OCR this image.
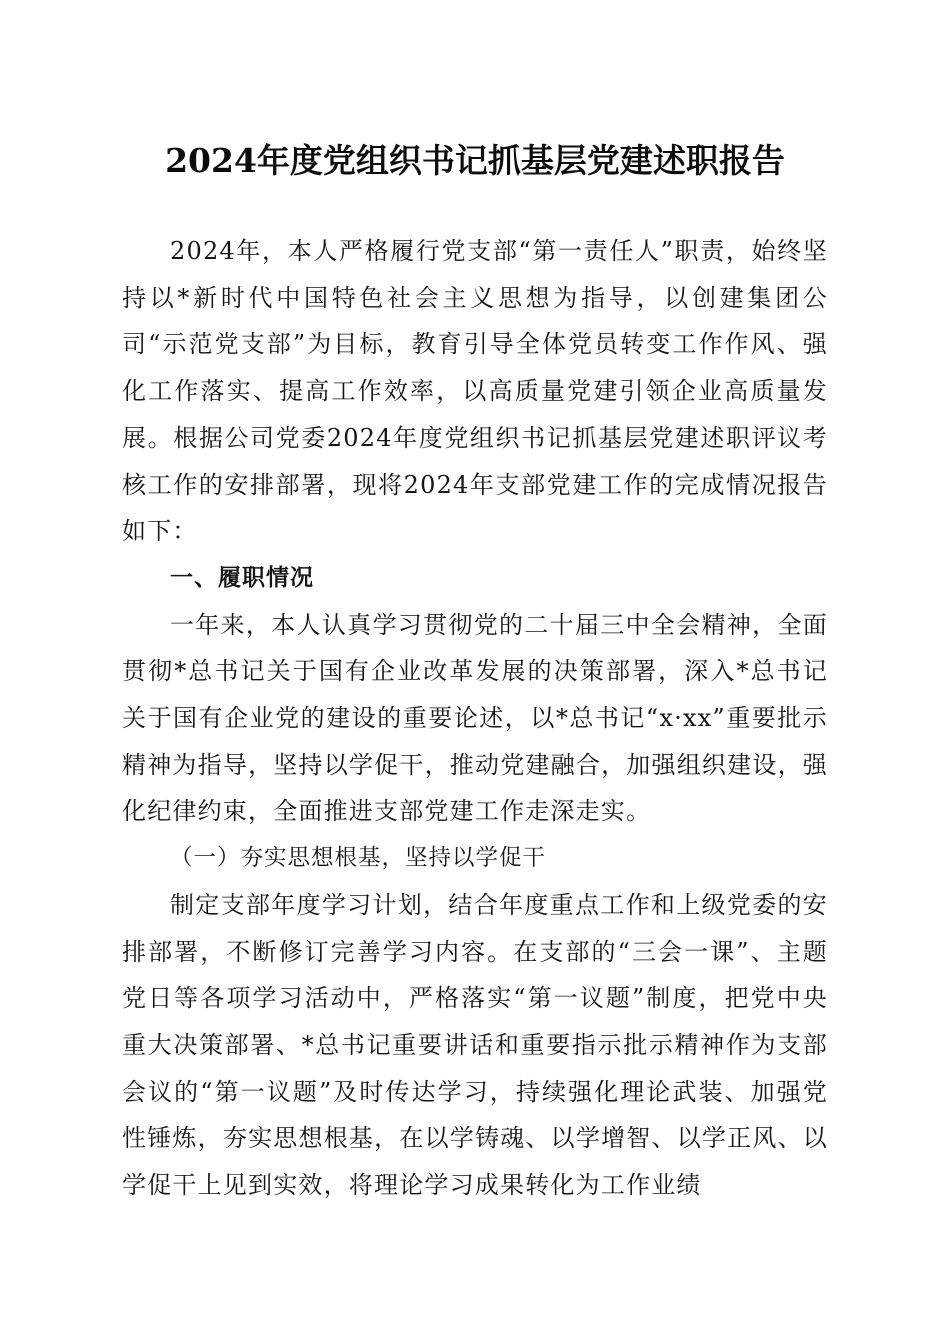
2024年度党组织书记抓基层党建述职报告

2024年，本人严格履行党支部“第一责任人”职责，始终坚持以*新时代中国特色社会主义思想为指导，以创建集团公司“示范党支部”为目标，教育引导全体党员转变工作作风、强化工作落实、提高工作效率，以高质量党建引领企业高质量发展。根据公司党委2024年度党组织书记抓基层党建述职评议考核工作的安排部署，现将2024年支部党建工作的完成情况报告如下：

一、履职情况

一年来，本人认真学习贯彻党的二十届三中全会精神，全面贯彻*总书记关于国有企业改革发展的决策部署，深入*总书记关于国有企业党的建设的重要论述，以*总书记“x·xx”重要批示精神为指导，坚持以学促干，推动党建融合，加强组织建设，强化纪律约束，全面推进支部党建工作走深走实。

（一）夯实思想根基，坚持以学促干

制定支部年度学习计划，结合年度重点工作和上级党委的安排部署，不断修订完善学习内容。在支部的“三会一课”、主题党日等各项学习活动中，严格落实“第一议题”制度，把党中央重大决策部署、*总书记重要讲话和重要指示批示精神作为支部会议的“第一议题”及时传达学习，持续强化理论武装、加强党性锤炼，夯实思想根基，在以学铸魂、以学增智、以学正风、以学促干上见到实效，将理论学习成果转化为工作业绩
